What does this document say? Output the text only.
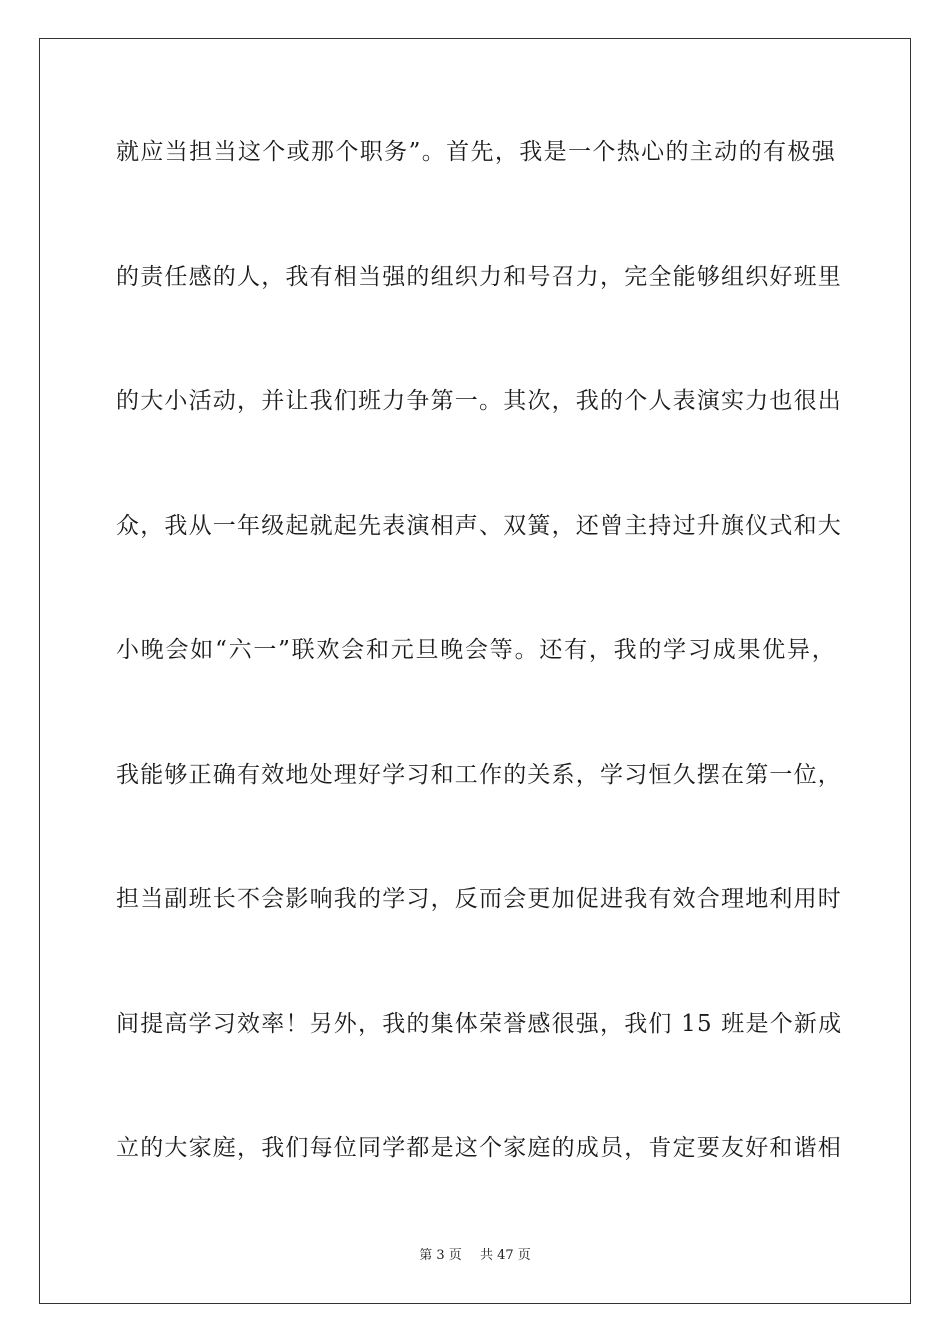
就应当担当这个或那个职务”。首先，我是一个热心的主动的有极强
的责任感的人，我有相当强的组织力和号召力，完全能够组织好班里
的大小活动，并让我们班力争第一。其次，我的个人表演实力也很出
众，我从一年级起就起先表演相声、双簧，还曾主持过升旗仪式和大
小晚会如“六一”联欢会和元旦晚会等。还有，我的学习成果优异，
我能够正确有效地处理好学习和工作的关系，学习恒久摆在第一位，
担当副班长不会影响我的学习，反而会更加促进我有效合理地利用时
间提高学习效率！另外，我的集体荣誉感很强，我们 15 班是个新成
立的大家庭，我们每位同学都是这个家庭的成员，肯定要友好和谐相
第 3 页 共 47 页
